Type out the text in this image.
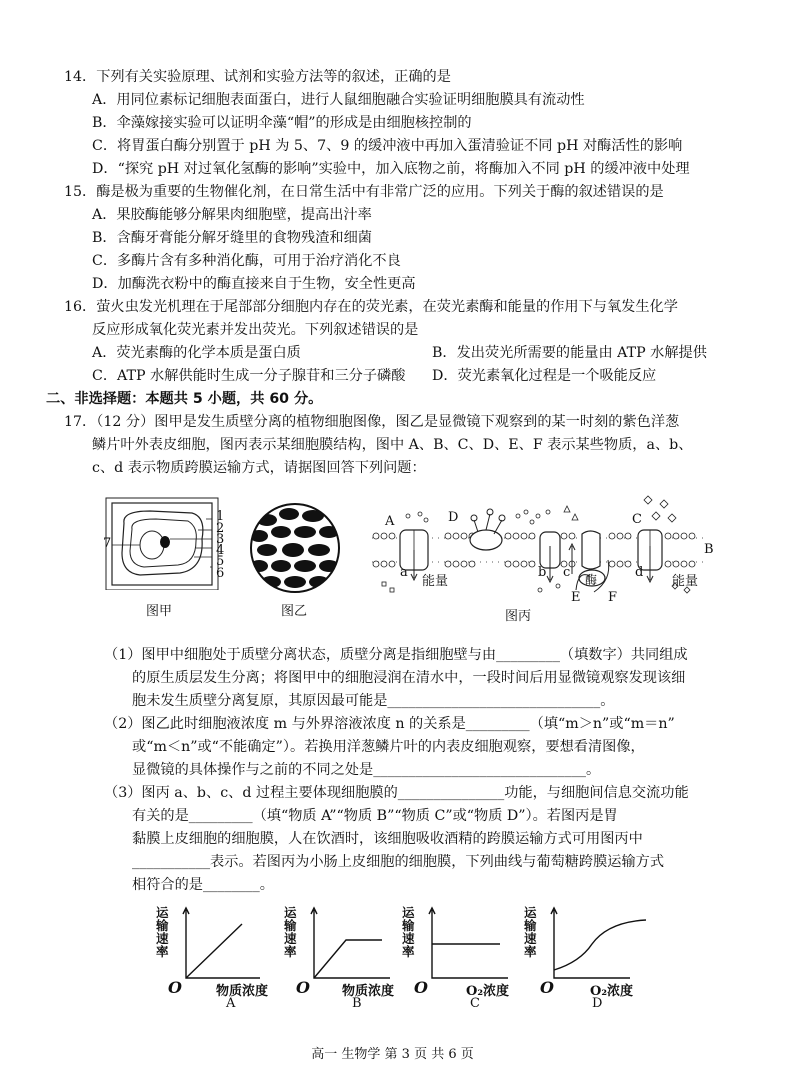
14．下列有关实验原理、试剂和实验方法等的叙述，正确的是
A．用同位素标记细胞表面蛋白，进行人鼠细胞融合实验证明细胞膜具有流动性
B．伞藻嫁接实验可以证明伞藻“帽”的形成是由细胞核控制的
C．将胃蛋白酶分别置于 pH 为 5、7、9 的缓冲液中再加入蛋清验证不同 pH 对酶活性的影响
D．“探究 pH 对过氧化氢酶的影响”实验中，加入底物之前，将酶加入不同 pH 的缓冲液中处理
15．酶是极为重要的生物催化剂，在日常生活中有非常广泛的应用。下列关于酶的叙述错误的是
A．果胶酶能够分解果肉细胞壁，提高出汁率
B．含酶牙膏能分解牙缝里的食物残渣和细菌
C．多酶片含有多种消化酶，可用于治疗消化不良
D．加酶洗衣粉中的酶直接来自于生物，安全性更高
16．萤火虫发光机理在于尾部部分细胞内存在的荧光素，在荧光素酶和能量的作用下与氧发生化学
反应形成氧化荧光素并发出荧光。下列叙述错误的是
A．荧光素酶的化学本质是蛋白质	B．发出荧光所需要的能量由 ATP 水解提供
C．ATP 水解供能时生成一分子腺苷和三分子磷酸 D．荧光素氧化过程是一个吸能反应
二、非选择题：本题共 5 小题，共 60 分。
17．（12 分）图甲是发生质壁分离的植物细胞图像，图乙是显微镜下观察到的某一时刻的紫色洋葱
鳞片叶外表皮细胞，图丙表示某细胞膜结构，图中 A、B、C、D、E、F 表示某些物质，a、b、
c、d 表示物质跨膜运输方式，请据图回答下列问题：
1
2
3
4
5
6
7
图甲	图乙
A	D	C
B
a	b c	d
E F
酶
能量	能量
图丙
（1）图甲中细胞处于质壁分离状态，质壁分离是指细胞壁与由_________（填数字）共同组成
的原生质层发生分离；将图甲中的细胞浸润在清水中，一段时间后用显微镜观察发现该细
胞未发生质壁分离复原，其原因最可能是______________________________。
（2）图乙此时细胞液浓度 m 与外界溶液浓度 n 的关系是_________（填“m＞n”或“m＝n”
或“m＜n”或“不能确定”）。若换用洋葱鳞片叶的内表皮细胞观察，要想看清图像，
显微镜的具体操作与之前的不同之处是______________________________。
（3）图丙 a、b、c、d 过程主要体现细胞膜的_______________功能，与细胞间信息交流功能
有关的是_________（填“物质 A”“物质 B”“物质 C”或“物质 D”）。若图丙是胃
黏膜上皮细胞的细胞膜，人在饮酒时，该细胞吸收酒精的跨膜运输方式可用图丙中
___________表示。若图丙为小肠上皮细胞的细胞膜，下列曲线与葡萄糖跨膜运输方式
相符合的是________。
运输速率
运输速率
运输速率
运输速率
O	物质浓度
A
O 物质浓度
B
O	O₂浓度
C
O	O₂浓度
D
高一 生物学 第 3 页 共 6 页
